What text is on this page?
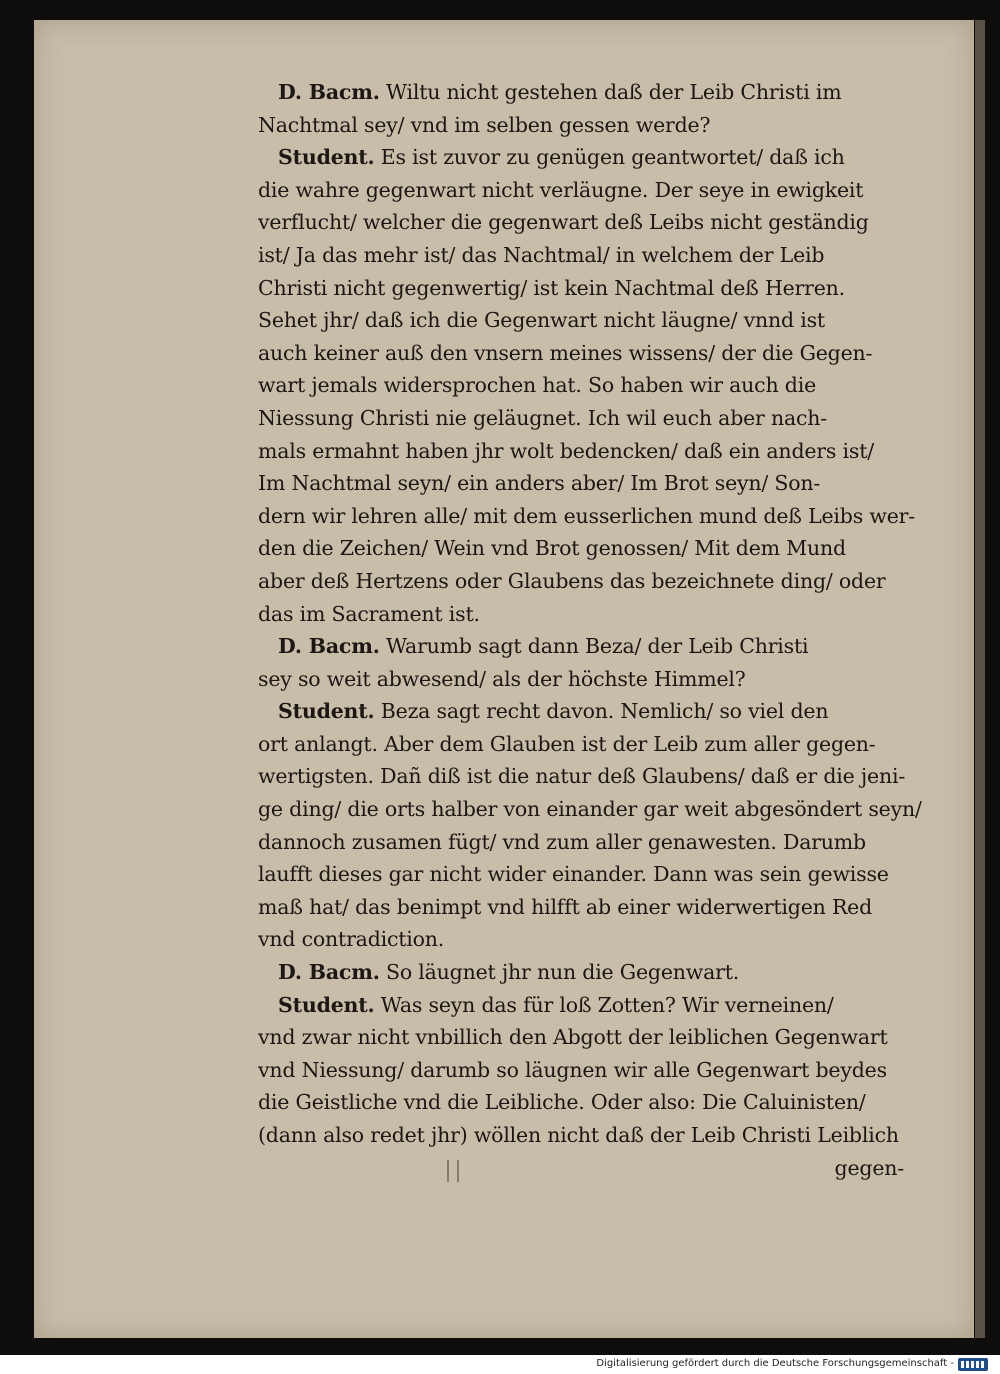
D. Bacm. Wiltu nicht gestehen daß der Leib Christi im
Nachtmal sey/ vnd im selben gessen werde?
Student. Es ist zuvor zu genügen geantwortet/ daß ich
die wahre gegenwart nicht verläugne. Der seye in ewigkeit
verflucht/ welcher die gegenwart deß Leibs nicht geständig
ist/ Ja das mehr ist/ das Nachtmal/ in welchem der Leib
Christi nicht gegenwertig/ ist kein Nachtmal deß Herren.
Sehet jhr/ daß ich die Gegenwart nicht läugne/ vnnd ist
auch keiner auß den vnsern meines wissens/ der die Gegen-
wart jemals widersprochen hat. So haben wir auch die
Niessung Christi nie geläugnet. Ich wil euch aber nach-
mals ermahnt haben jhr wolt bedencken/ daß ein anders ist/
Im Nachtmal seyn/ ein anders aber/ Im Brot seyn/ Son-
dern wir lehren alle/ mit dem eusserlichen mund deß Leibs wer-
den die Zeichen/ Wein vnd Brot genossen/ Mit dem Mund
aber deß Hertzens oder Glaubens das bezeichnete ding/ oder
das im Sacrament ist.
D. Bacm. Warumb sagt dann Beza/ der Leib Christi
sey so weit abwesend/ als der höchste Himmel?
Student. Beza sagt recht davon. Nemlich/ so viel den
ort anlangt. Aber dem Glauben ist der Leib zum aller gegen-
wertigsten. Dañ diß ist die natur deß Glaubens/ daß er die jeni-
ge ding/ die orts halber von einander gar weit abgesöndert seyn/
dannoch zusamen fügt/ vnd zum aller genawesten. Darumb
laufft dieses gar nicht wider einander. Dann was sein gewisse
maß hat/ das benimpt vnd hilfft ab einer widerwertigen Red
vnd contradiction.
D. Bacm. So läugnet jhr nun die Gegenwart.
Student. Was seyn das für loß Zotten? Wir verneinen/
vnd zwar nicht vnbillich den Abgott der leiblichen Gegenwart
vnd Niessung/ darumb so läugnen wir alle Gegenwart beydes
die Geistliche vnd die Leibliche. Oder also: Die Caluinisten/
(dann also redet jhr) wöllen nicht daß der Leib Christi Leiblich
gegen-
Digitalisierung gefördert durch die Deutsche Forschungsgemeinschaft -
